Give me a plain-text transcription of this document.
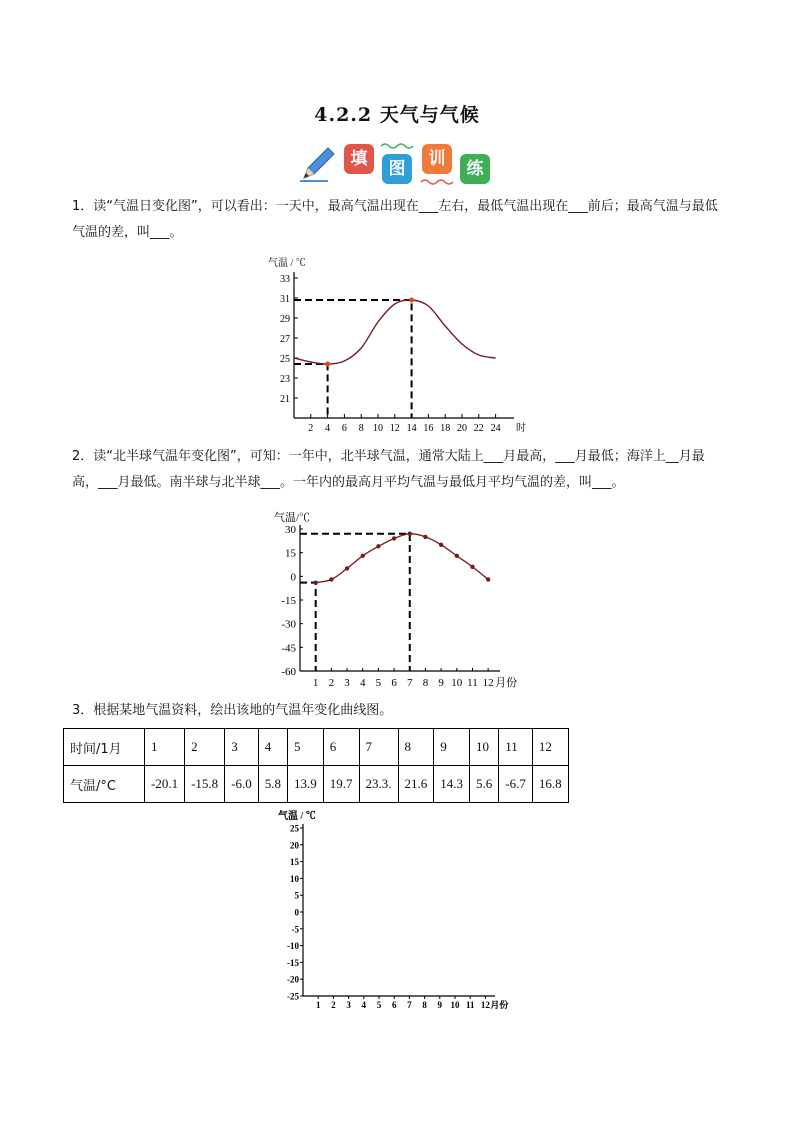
4.2.2 天气与气候
填	图	训	练
1．读“气温日变化图”，可以看出：一天中，最高气温出现在___左右，最低气温出现在___前后；最高气温与最低气温的差，叫___。
气温 / ℃
21
23
25
27
29
31
33
2 4 6 8 10 12 14 16 18 20 22 24 时
2．读“北半球气温年变化图”，可知：一年中，北半球气温，通常大陆上___月最高，___月最低；海洋上__月最高，___月最低。南半球与北半球___。一年内的最高月平均气温与最低月平均气温的差，叫___。
气温/℃
30
15
0
-15
-30
-45
-60
1 2 3 4 5 6 7 8 9 10 11 12 月份
3．根据某地气温资料，绘出该地的气温年变化曲线图。
时间/1月	1	2	3	4	5	6	7	8	9	10	11	12
气温/°C	-20.1	-15.8	-6.0	5.8	13.9	19.7	23.3.	21.6	14.3	5.6	-6.7	16.8
气温 / ℃
25
20
15
10
5
0
-5
-10
-15
-20
-25
1 2 3 4 5 6 7 8 9 10 11 12 月份
